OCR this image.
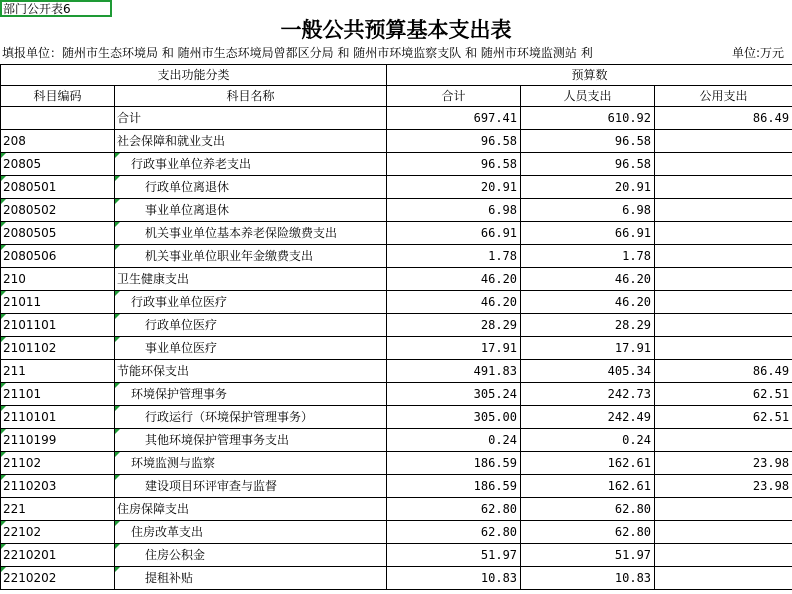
部门公开表6
一般公共预算基本支出表
填报单位：随州市生态环境局 和 随州市生态环境局曾都区分局 和 随州市环境监察支队 和 随州市环境监测站 利	单位:万元
支出功能分类		预算数		
科目编码	科目名称	合计	人员支出	公用支出
	合计	697.41	610.92	86.49
208	社会保障和就业支出	96.58	96.58	
20805	行政事业单位养老支出	96.58	96.58	
2080501	行政单位离退休	20.91	20.91	
2080502	事业单位离退休	6.98	6.98	
2080505	机关事业单位基本养老保险缴费支出	66.91	66.91	
2080506	机关事业单位职业年金缴费支出	1.78	1.78	
210	卫生健康支出	46.20	46.20	
21011	行政事业单位医疗	46.20	46.20	
2101101	行政单位医疗	28.29	28.29	
2101102	事业单位医疗	17.91	17.91	
211	节能环保支出	491.83	405.34	86.49
21101	环境保护管理事务	305.24	242.73	62.51
2110101	行政运行（环境保护管理事务）	305.00	242.49	62.51
2110199	其他环境保护管理事务支出	0.24	0.24	
21102	环境监测与监察	186.59	162.61	23.98
2110203	建设项目环评审查与监督	186.59	162.61	23.98
221	住房保障支出	62.80	62.80	
22102	住房改革支出	62.80	62.80	
2210201	住房公积金	51.97	51.97	
2210202	提租补贴	10.83	10.83	
